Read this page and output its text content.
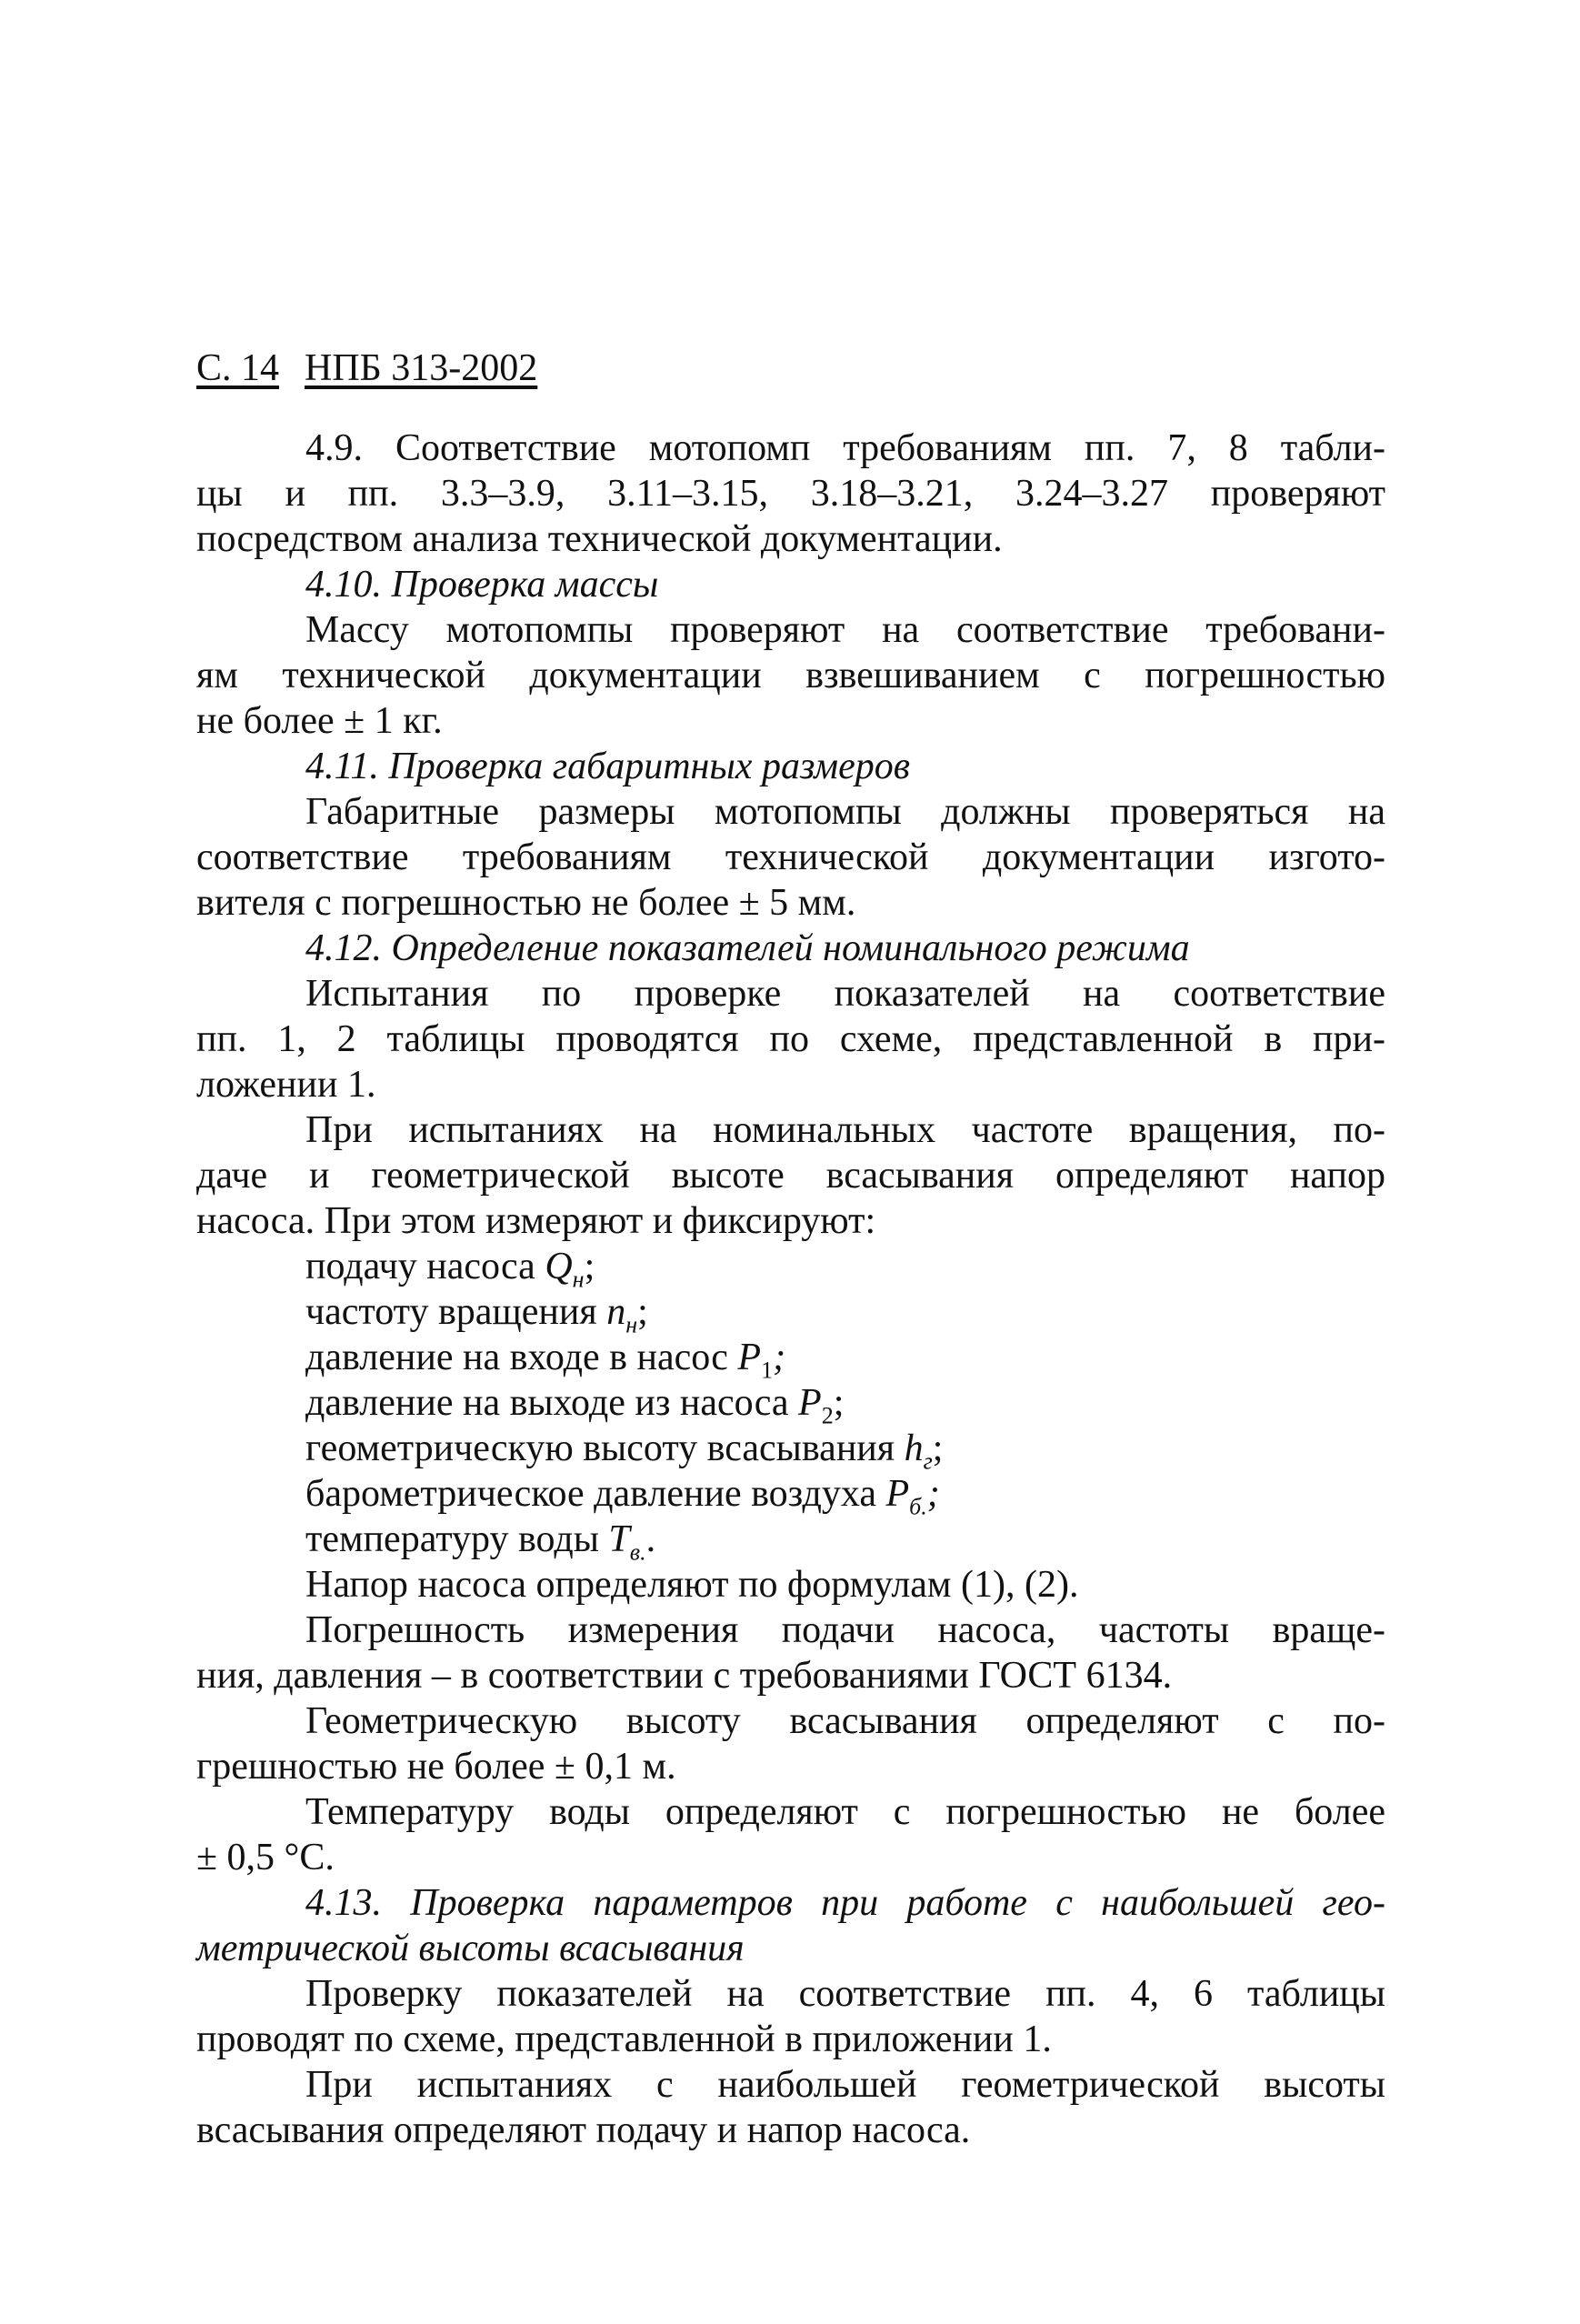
С. 14 НПБ 313-2002
4.9. Соответствие мотопомп требованиям пп. 7, 8 табли-
цы и пп. 3.3–3.9, 3.11–3.15, 3.18–3.21, 3.24–3.27 проверяют
посредством анализа технической документации.
4.10. Проверка массы
Массу мотопомпы проверяют на соответствие требовани-
ям технической документации взвешиванием с погрешностью
не более ± 1 кг.
4.11. Проверка габаритных размеров
Габаритные размеры мотопомпы должны проверяться на
соответствие требованиям технической документации изгото-
вителя с погрешностью не более ± 5 мм.
4.12. Определение показателей номинального режима
Испытания по проверке показателей на соответствие
пп. 1, 2 таблицы проводятся по схеме, представленной в при-
ложении 1.
При испытаниях на номинальных частоте вращения, по-
даче и геометрической высоте всасывания определяют напор
насоса. При этом измеряют и фиксируют:
подачу насоса $Q_н$;
частоту вращения $n_н$;
давление на входе в насос $P_1$;
давление на выходе из насоса $P_2$;
геометрическую высоту всасывания $h_г$;
барометрическое давление воздуха $P_{б.}$;
температуру воды $T_{в.}$.
Напор насоса определяют по формулам (1), (2).
Погрешность измерения подачи насоса, частоты враще-
ния, давления – в соответствии с требованиями ГОСТ 6134.
Геометрическую высоту всасывания определяют с по-
грешностью не более ± 0,1 м.
Температуру воды определяют с погрешностью не более
± 0,5 °С.
4.13. Проверка параметров при работе с наибольшей гео-
метрической высоты всасывания
Проверку показателей на соответствие пп. 4, 6 таблицы
проводят по схеме, представленной в приложении 1.
При испытаниях с наибольшей геометрической высоты
всасывания определяют подачу и напор насоса.
